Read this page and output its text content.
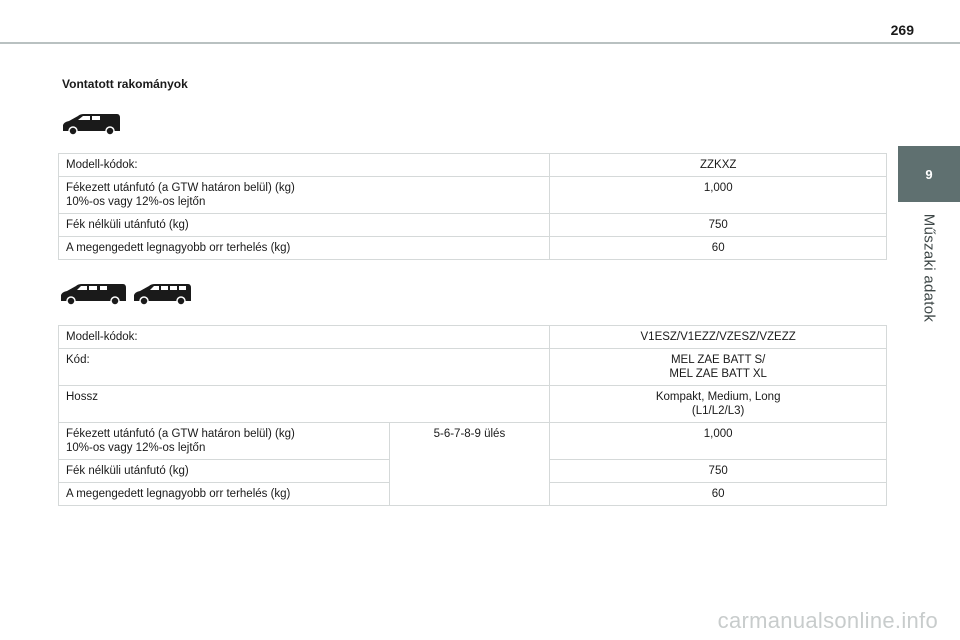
269
9
Műszaki adatok
Vontatott rakományok
Modell-kódok:	ZZKXZ
Fékezett utánfutó (a GTW határon belül) (kg)
10%-os vagy 12%-os lejtőn	1,000
Fék nélküli utánfutó (kg)	750
A megengedett legnagyobb orr terhelés (kg)	60
Modell-kódok:		V1ESZ/V1EZZ/VZESZ/VZEZZ
Kód:		MEL ZAE BATT S/
MEL ZAE BATT XL
Hossz		Kompakt, Medium, Long
(L1/L2/L3)
Fékezett utánfutó (a GTW határon belül) (kg)
10%-os vagy 12%-os lejtőn	5-6-7-8-9 ülés	1,000
Fék nélküli utánfutó (kg)		750
A megengedett legnagyobb orr terhelés (kg)		60
carmanualsonline.info
